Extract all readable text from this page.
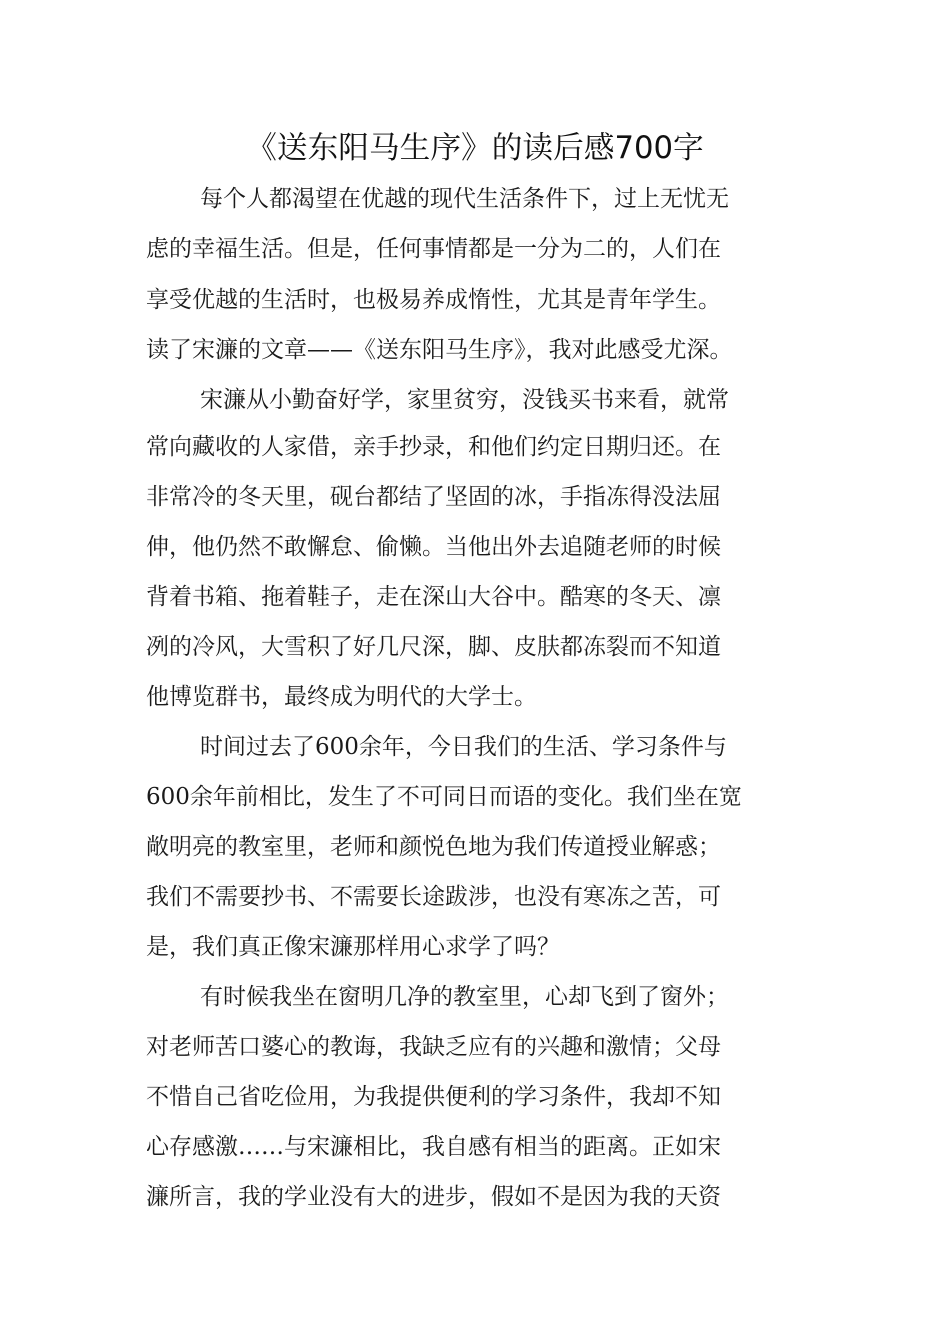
《送东阳马生序》的读后感700字
每个人都渴望在优越的现代生活条件下，过上无忧无
虑的幸福生活。但是，任何事情都是一分为二的，人们在
享受优越的生活时，也极易养成惰性，尤其是青年学生。
读了宋濂的文章——《送东阳马生序》，我对此感受尤深。
宋濂从小勤奋好学，家里贫穷，没钱买书来看，就常
常向藏收的人家借，亲手抄录，和他们约定日期归还。在
非常冷的冬天里，砚台都结了坚固的冰，手指冻得没法屈
伸，他仍然不敢懈怠、偷懒。当他出外去追随老师的时候
背着书箱、拖着鞋子，走在深山大谷中。酷寒的冬天、凛
冽的冷风，大雪积了好几尺深，脚、皮肤都冻裂而不知道
他博览群书，最终成为明代的大学士。
时间过去了600余年，今日我们的生活、学习条件与
600余年前相比，发生了不可同日而语的变化。我们坐在宽
敞明亮的教室里，老师和颜悦色地为我们传道授业解惑；
我们不需要抄书、不需要长途跋涉，也没有寒冻之苦，可
是，我们真正像宋濂那样用心求学了吗？
有时候我坐在窗明几净的教室里，心却飞到了窗外；
对老师苦口婆心的教诲，我缺乏应有的兴趣和激情；父母
不惜自己省吃俭用，为我提供便利的学习条件，我却不知
心存感激……与宋濂相比，我自感有相当的距离。正如宋
濂所言，我的学业没有大的进步，假如不是因为我的天资
